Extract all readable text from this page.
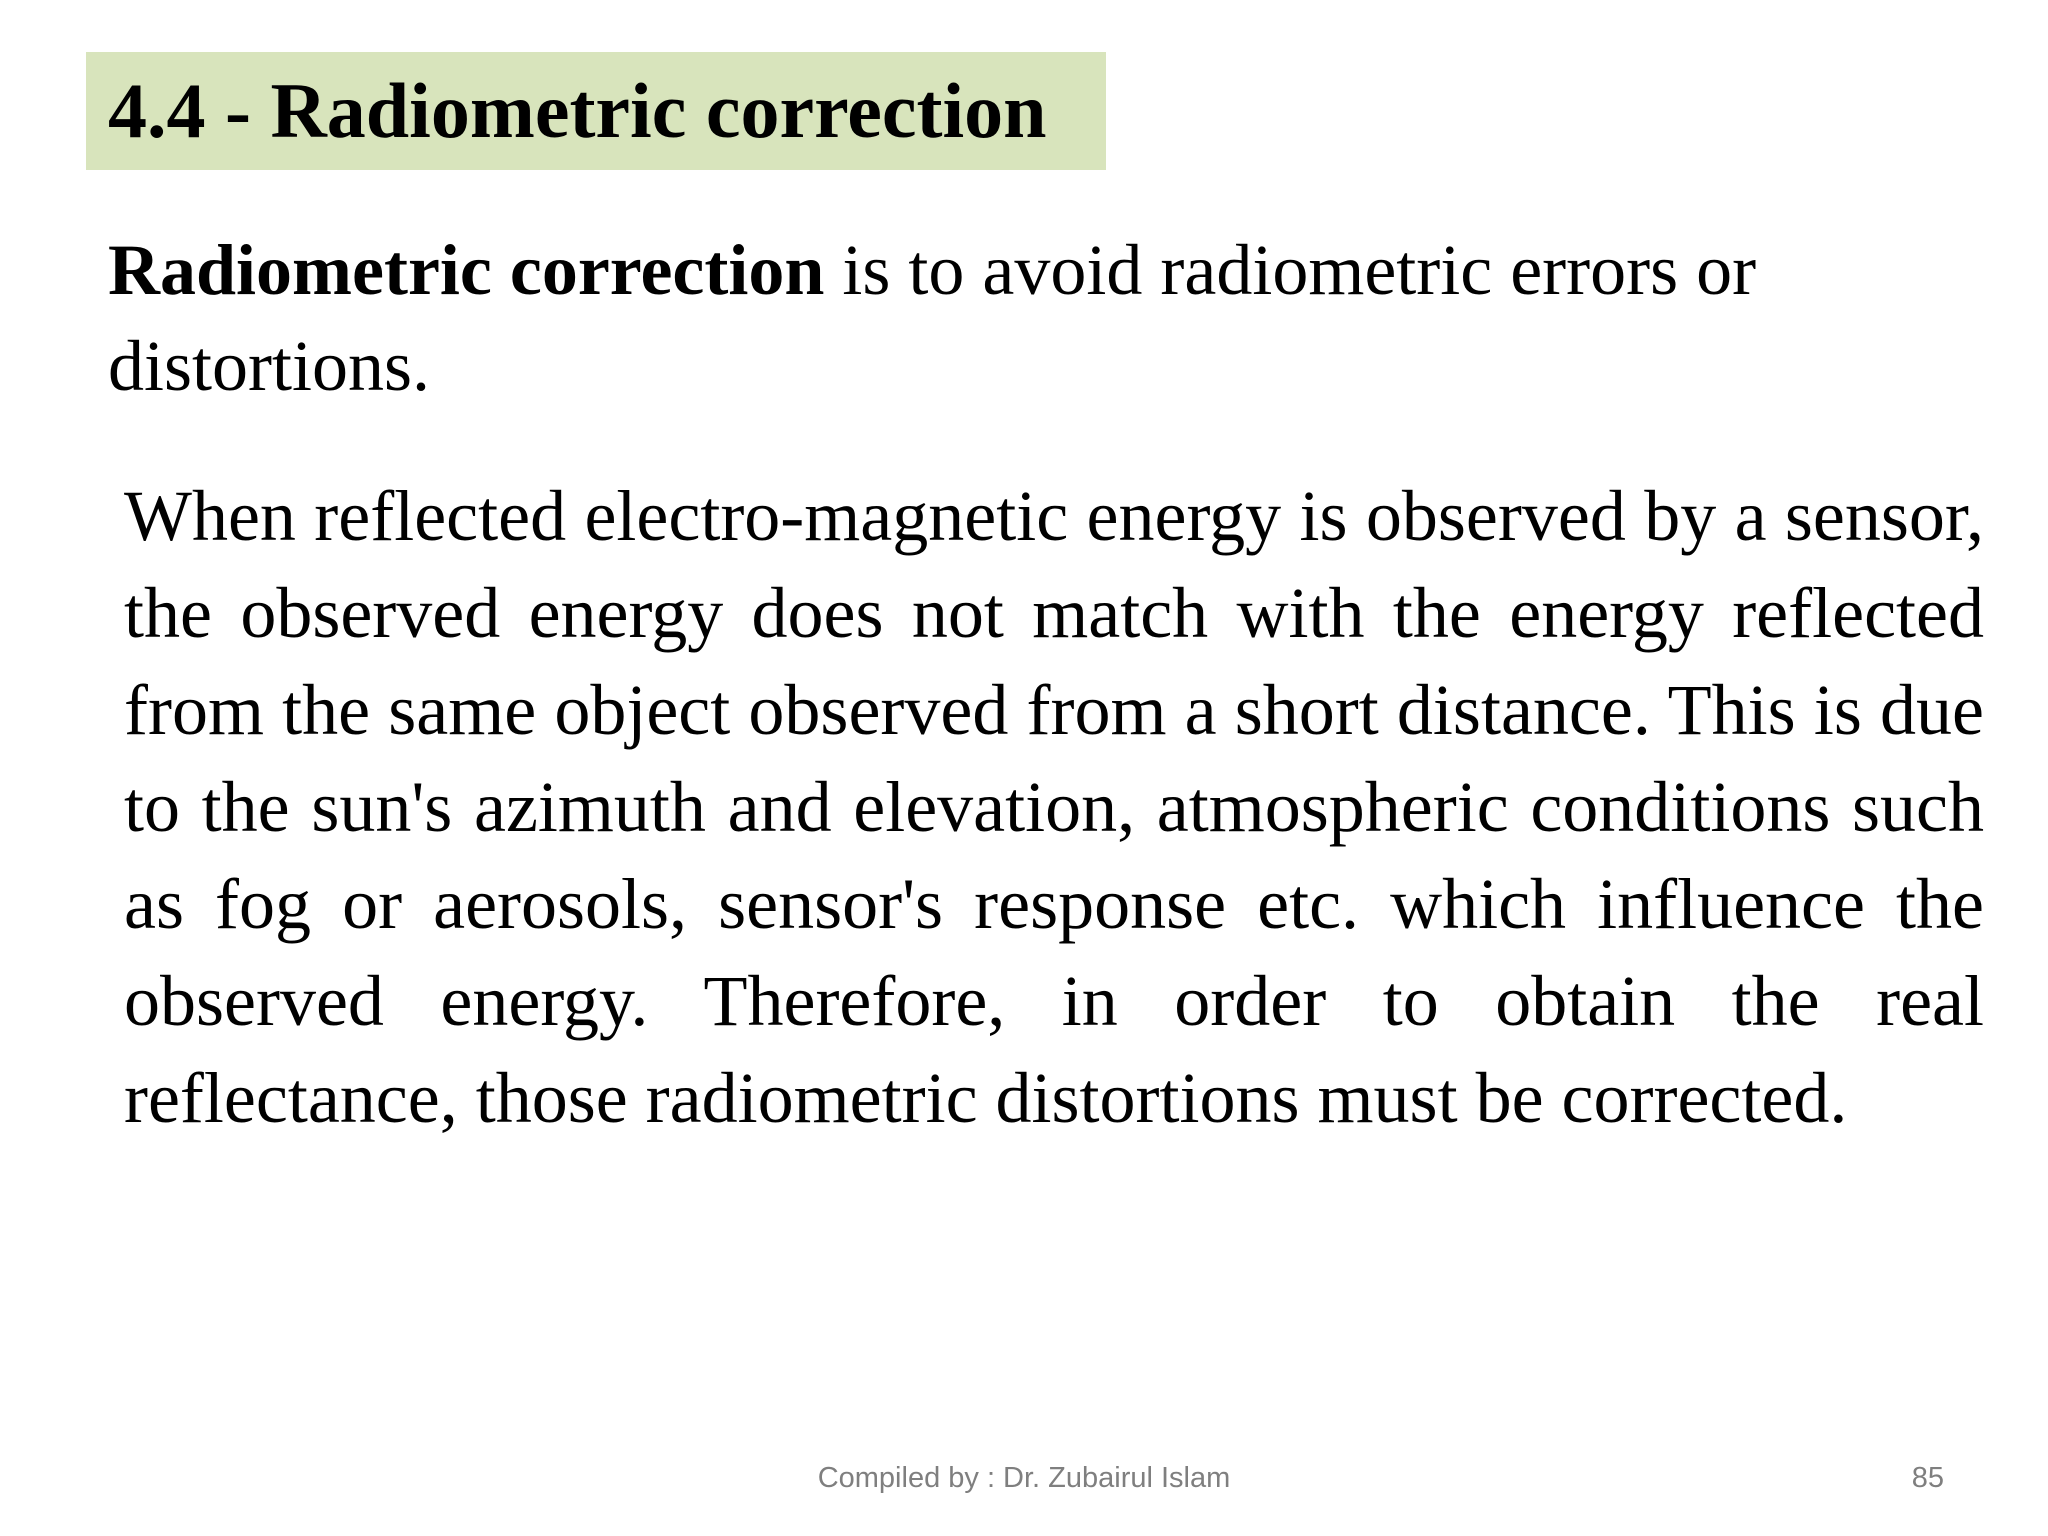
4.4 - Radiometric correction
Radiometric correction is to avoid radiometric errors or distortions.
When reflected electro-magnetic energy is observed by a sensor, the observed energy does not match with the energy reflected from the same object observed from a short distance. This is due to the sun's azimuth and elevation, atmospheric conditions such as fog or aerosols, sensor's response etc. which influence the observed energy. Therefore, in order to obtain the real reflectance, those radiometric distortions must be corrected.
Compiled by : Dr. Zubairul Islam	85
